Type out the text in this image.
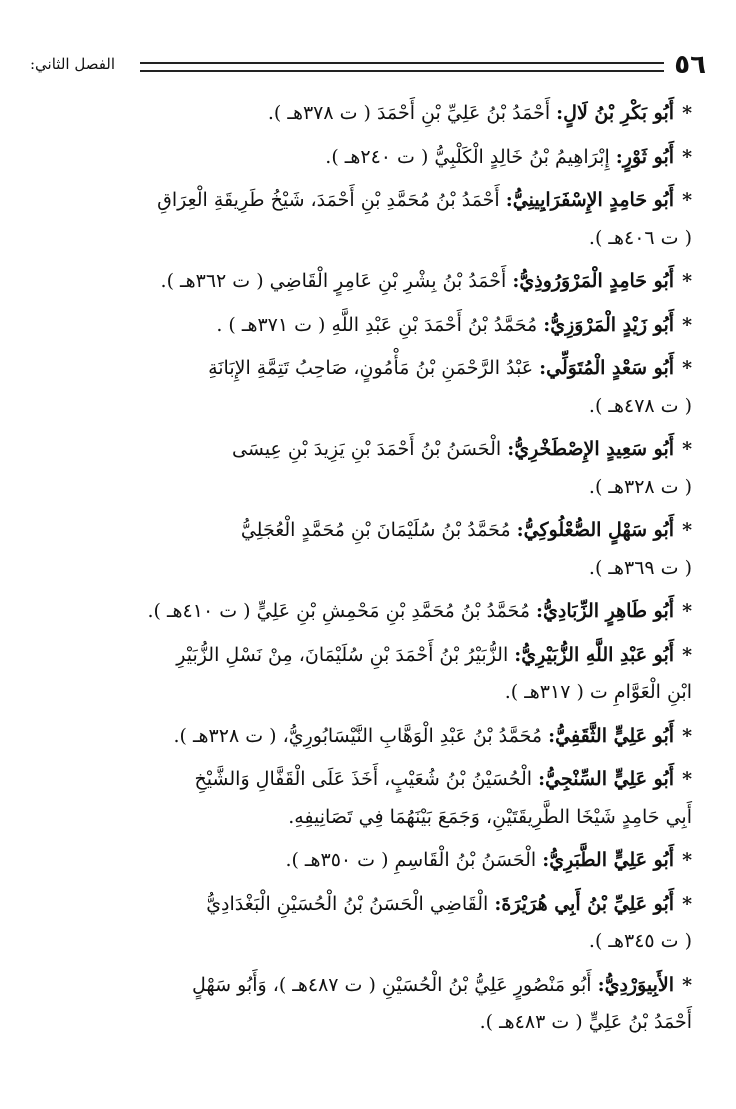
٥٦
الفصل الثاني:

*أَبُو بَكْرِ بْنُ لَالٍ: أَحْمَدُ بْنُ عَلِيِّ بْنِ أَحْمَدَ ( ت ٣٧٨هـ ).

*أَبُو ثَوْرٍ: إِبْرَاهِيمُ بْنُ خَالِدٍ الْكَلْبِيُّ ( ت ٢٤٠هـ ).

*أَبُو حَامِدٍ الإِسْفَرَايِينِيُّ: أَحْمَدُ بْنُ مُحَمَّدِ بْنِ أَحْمَدَ، شَيْخُ طَرِيقَةِ الْعِرَاقِ
( ت ٤٠٦هـ ).

*أَبُو حَامِدٍ الْمَرْوَرُوذِيُّ: أَحْمَدُ بْنُ بِشْرِ بْنِ عَامِرٍ الْقَاضِي ( ت ٣٦٢هـ ).

*أَبُو زَيْدٍ الْمَرْوَزِيُّ: مُحَمَّدُ بْنُ أَحْمَدَ بْنِ عَبْدِ اللَّهِ ( ت ٣٧١هـ ) .

*أَبُو سَعْدٍ الْمُتَوَلِّي: عَبْدُ الرَّحْمَنِ بْنُ مَأْمُونٍ، صَاحِبُ تَتِمَّةِ الإِبَانَةِ
( ت ٤٧٨هـ ).

*أَبُو سَعِيدٍ الإِصْطَخْرِيُّ: الْحَسَنُ بْنُ أَحْمَدَ بْنِ يَزِيدَ بْنِ عِيسَى
( ت ٣٢٨هـ ).

*أَبُو سَهْلٍ الصُّعْلُوكِيُّ: مُحَمَّدُ بْنُ سُلَيْمَانَ بْنِ مُحَمَّدٍ الْعُجَلِيُّ
( ت ٣٦٩هـ ).

*أَبُو طَاهِرٍ الزِّبَادِيُّ: مُحَمَّدُ بْنُ مُحَمَّدِ بْنِ مَحْمِشِ بْنِ عَلِيٍّ ( ت ٤١٠هـ ).

*أَبُو عَبْدِ اللَّهِ الزُّبَيْرِيُّ: الزُّبَيْرُ بْنُ أَحْمَدَ بْنِ سُلَيْمَانَ، مِنْ نَسْلِ الزُّبَيْرِ
ابْنِ الْعَوَّامِ ت ( ٣١٧هـ ).

*أَبُو عَلِيٍّ الثَّقَفِيُّ: مُحَمَّدُ بْنُ عَبْدِ الْوَهَّابِ النَّيْسَابُورِيُّ، ( ت ٣٢٨هـ ).

*أَبُو عَلِيٍّ السِّنْجِيُّ: الْحُسَيْنُ بْنُ شُعَيْبٍ، أَخَذَ عَلَى الْقَفَّالِ وَالشَّيْخِ
أَبِي حَامِدٍ شَيْخَا الطَّرِيقَتَيْنِ، وَجَمَعَ بَيْنَهُمَا فِي تَصَانِيفِهِ.

*أَبُو عَلِيٍّ الطَّبَرِيُّ: الْحَسَنُ بْنُ الْقَاسِمِ ( ت ٣٥٠هـ ).

*أَبُو عَلِيِّ بْنُ أَبِي هُرَيْرَةَ: الْقَاضِي الْحَسَنُ بْنُ الْحُسَيْنِ الْبَغْدَادِيُّ
( ت ٣٤٥هـ ).

*الأَبِيوَرْدِيُّ: أَبُو مَنْصُورٍ عَلِيُّ بْنُ الْحُسَيْنِ ( ت ٤٨٧هـ )، وَأَبُو سَهْلٍ
أَحْمَدُ بْنُ عَلِيٍّ ( ت ٤٨٣هـ ).
